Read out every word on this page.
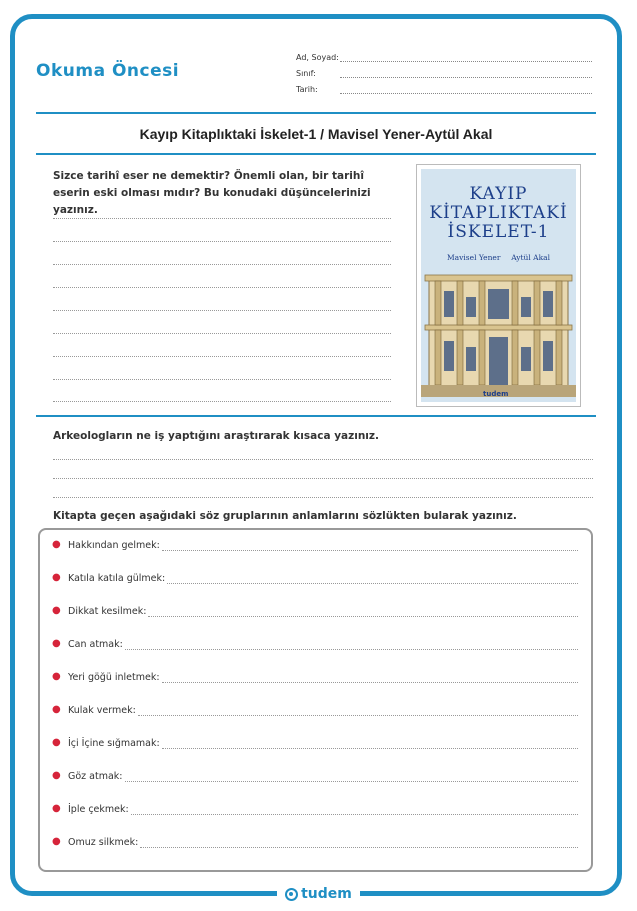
Okuma Öncesi
Ad, Soyad:
Sınıf:
Tarih:
Kayıp Kitaplıktaki İskelet-1 / Mavisel Yener-Aytül Akal
Sizce tarihî eser ne demektir? Önemli olan, bir tarihî eserin eski olması mıdır? Bu konudaki düşüncelerinizi yazınız.
KAYIP
KİTAPLIKTAKİ
İSKELET-1
Mavisel Yener Aytül Akal
tudem
Arkeologların ne iş yaptığını araştırarak kısaca yazınız.
Kitapta geçen aşağıdaki söz gruplarının anlamlarını sözlükten bularak yazınız.
● Hakkından gelmek:
● Katıla katıla gülmek:
● Dikkat kesilmek:
● Can atmak:
● Yeri göğü inletmek:
● Kulak vermek:
● İçi İçine sığmamak:
● Göz atmak:
● İple çekmek:
● Omuz silkmek:
tudem
